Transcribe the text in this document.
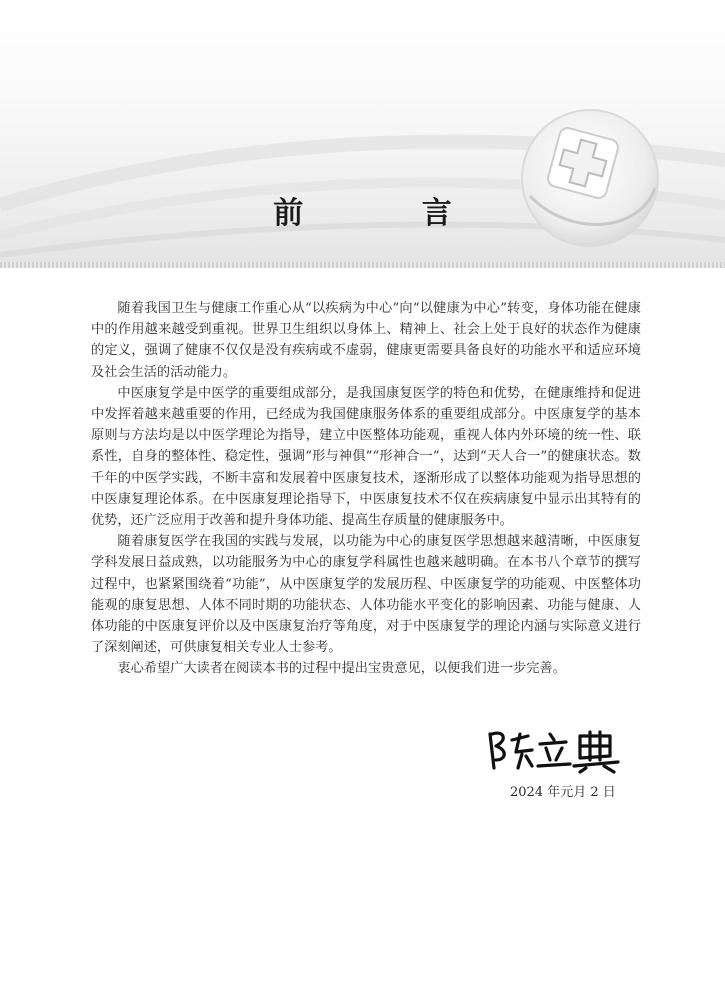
前 言

随着我国卫生与健康工作重心从“以疾病为中心”向“以健康为中心”转变，身体功能在健康中的作用越来越受到重视。世界卫生组织以身体上、精神上、社会上处于良好的状态作为健康的定义，强调了健康不仅仅是没有疾病或不虚弱，健康更需要具备良好的功能水平和适应环境及社会生活的活动能力。

中医康复学是中医学的重要组成部分，是我国康复医学的特色和优势，在健康维持和促进中发挥着越来越重要的作用，已经成为我国健康服务体系的重要组成部分。中医康复学的基本原则与方法均是以中医学理论为指导，建立中医整体功能观，重视人体内外环境的统一性、联系性，自身的整体性、稳定性，强调“形与神俱”“形神合一”，达到“天人合一”的健康状态。数千年的中医学实践，不断丰富和发展着中医康复技术，逐渐形成了以整体功能观为指导思想的中医康复理论体系。在中医康复理论指导下，中医康复技术不仅在疾病康复中显示出其特有的优势，还广泛应用于改善和提升身体功能、提高生存质量的健康服务中。

随着康复医学在我国的实践与发展，以功能为中心的康复医学思想越来越清晰，中医康复学科发展日益成熟，以功能服务为中心的康复学科属性也越来越明确。在本书八个章节的撰写过程中，也紧紧围绕着“功能”，从中医康复学的发展历程、中医康复学的功能观、中医整体功能观的康复思想、人体不同时期的功能状态、人体功能水平变化的影响因素、功能与健康、人体功能的中医康复评价以及中医康复治疗等角度，对于中医康复学的理论内涵与实际意义进行了深刻阐述，可供康复相关专业人士参考。

衷心希望广大读者在阅读本书的过程中提出宝贵意见，以便我们进一步完善。

2024 年元月 2 日
